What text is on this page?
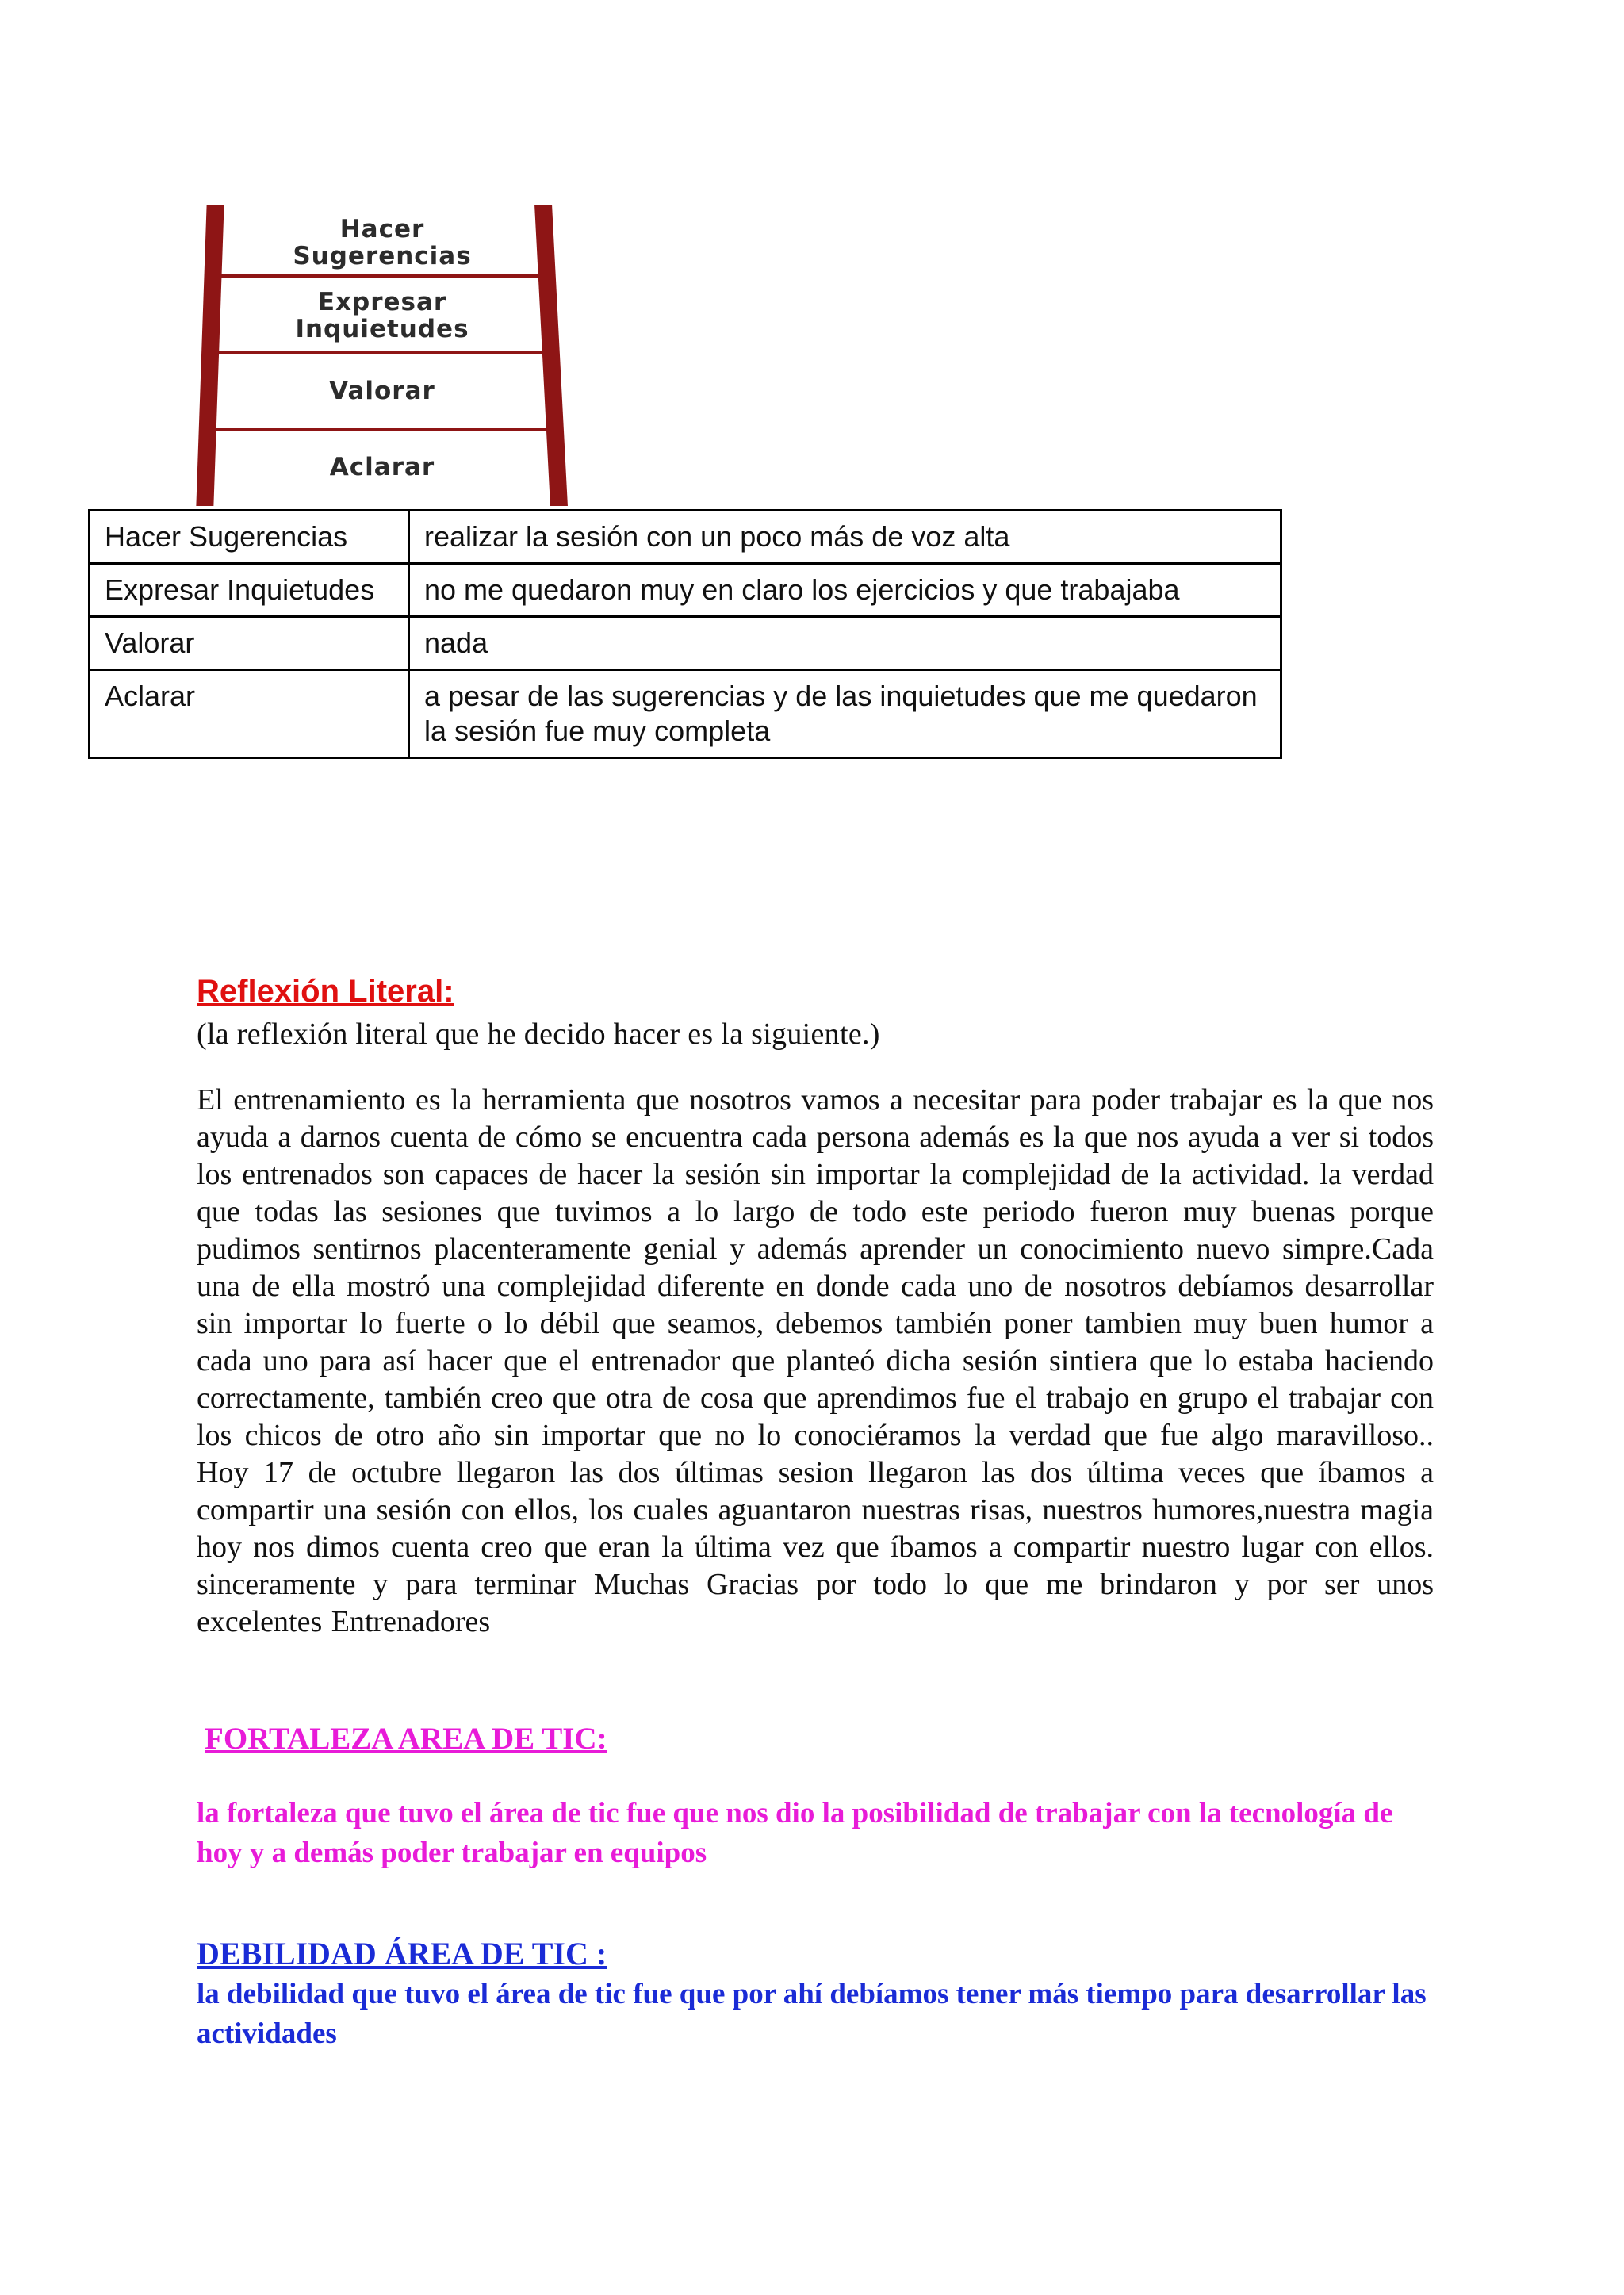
Hacer
Sugerencias
Expresar
Inquietudes
Valorar
Aclarar
Hacer Sugerencias	realizar la sesión con un poco más de voz alta
Expresar Inquietudes	no me quedaron muy en claro los ejercicios y que trabajaba
Valorar	nada
Aclarar	a pesar de las sugerencias y de las inquietudes que me quedaron la sesión fue muy completa
Reflexión Literal:
(la reflexión literal que he decido hacer es la siguiente.)
El entrenamiento es la herramienta que nosotros vamos a necesitar para poder trabajar es la que nos ayuda a darnos cuenta de cómo se encuentra cada persona además es la que nos ayuda a ver si todos los entrenados son capaces de hacer la sesión sin importar la complejidad de la actividad. la verdad que todas las sesiones que tuvimos a lo largo de todo este periodo fueron muy buenas porque pudimos sentirnos placenteramente genial y además aprender un conocimiento nuevo simpre.Cada una de ella mostró una complejidad diferente en donde cada uno de nosotros debíamos desarrollar sin importar lo fuerte o lo débil que seamos, debemos también poner tambien muy buen humor a cada uno para así hacer que el entrenador que planteó dicha sesión sintiera que lo estaba haciendo correctamente, también creo que otra de cosa que aprendimos fue el trabajo en grupo el trabajar con los chicos de otro año sin importar que no lo conociéramos la verdad que fue algo maravilloso.. Hoy 17 de octubre llegaron las dos últimas sesion llegaron las dos última veces que íbamos a compartir una sesión con ellos, los cuales aguantaron nuestras risas, nuestros humores,nuestra magia hoy nos dimos cuenta creo que eran la última vez que íbamos a compartir nuestro lugar con ellos. sinceramente y para terminar Muchas Gracias por todo lo que me brindaron y por ser unos excelentes Entrenadores
FORTALEZA AREA DE TIC:
la fortaleza que tuvo el área de tic fue que nos dio la posibilidad de trabajar con la tecnología de hoy y a demás poder trabajar en equipos
DEBILIDAD ÁREA DE TIC :
la debilidad que tuvo el área de tic fue que por ahí debíamos tener más tiempo para desarrollar las actividades
